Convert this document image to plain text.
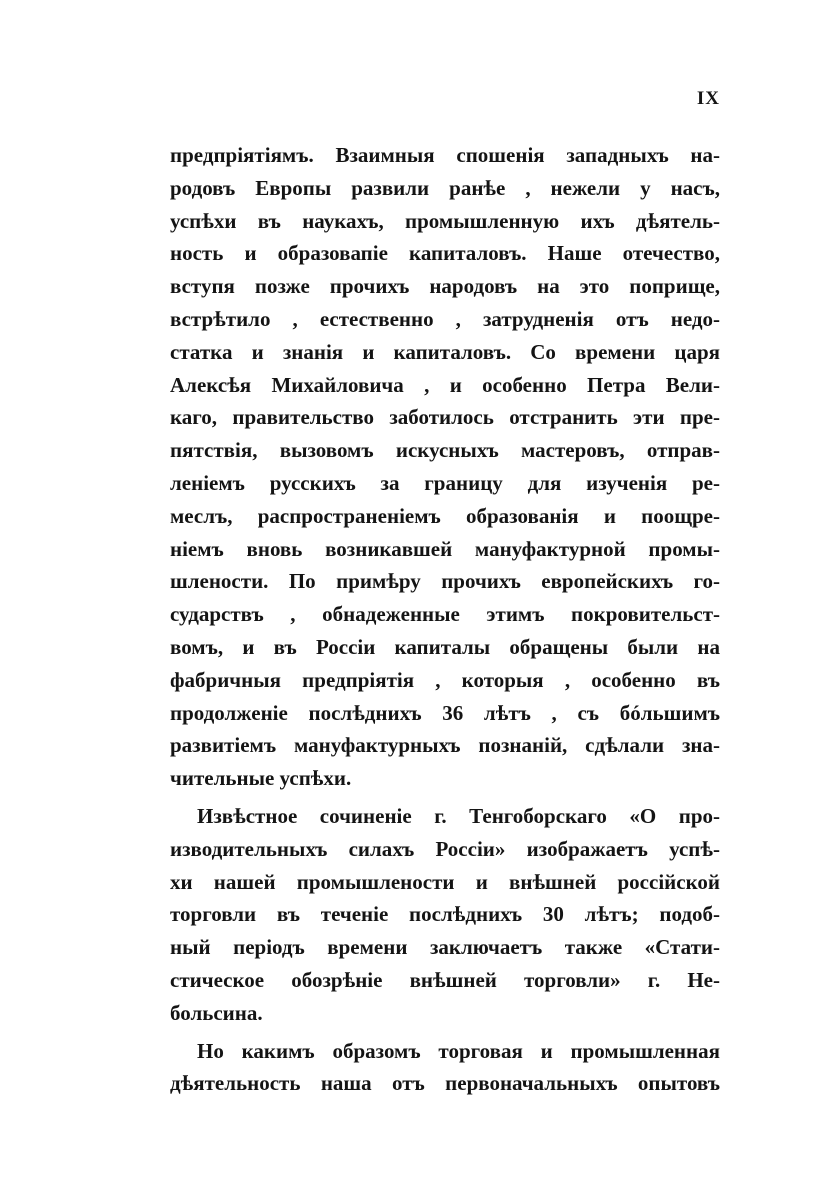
IX
предпріятіямъ. Взаимныя спошенія западныхъ на-
родовъ Европы развили ранѣе , нежели у насъ,
успѣхи въ наукахъ, промышленную ихъ дѣятель-
ность и образовапіе капиталовъ. Наше отечество,
вступя позже прочихъ народовъ на это поприще,
встрѣтило , естественно , затрудненія отъ недо-
статка и знанія и капиталовъ. Со времени царя
Алексѣя Михайловича , и особенно Петра Вели-
каго, правительство заботилось отстранить эти пре-
пятствія, вызовомъ искусныхъ мастеровъ, отправ-
леніемъ русскихъ за границу для изученія ре-
меслъ, распространеніемъ образованія и поощре-
ніемъ вновь возникавшей мануфактурной промы-
шлености. По примѣру прочихъ европейскихъ го-
сударствъ , обнадеженные этимъ покровительст-
вомъ, и въ Россіи капиталы обращены были на
фабричныя предпріятія , которыя , особенно въ
продолженіе послѣднихъ 36 лѣтъ , съ бóльшимъ
развитіемъ мануфактурныхъ познаній, сдѣлали зна-
чительные успѣхи.
Извѣстное сочиненіе г. Тенгоборскаго «О про-
изводительныхъ силахъ Россіи» изображаетъ успѣ-
хи нашей промышлености и внѣшней россійской
торговли въ теченіе послѣднихъ 30 лѣтъ; подоб-
ный періодъ времени заключаетъ также «Стати-
стическое обозрѣніе внѣшней торговли» г. Не-
больсина.
Но какимъ образомъ торговая и промышленная
дѣятельность наша отъ первоначальныхъ опытовъ
